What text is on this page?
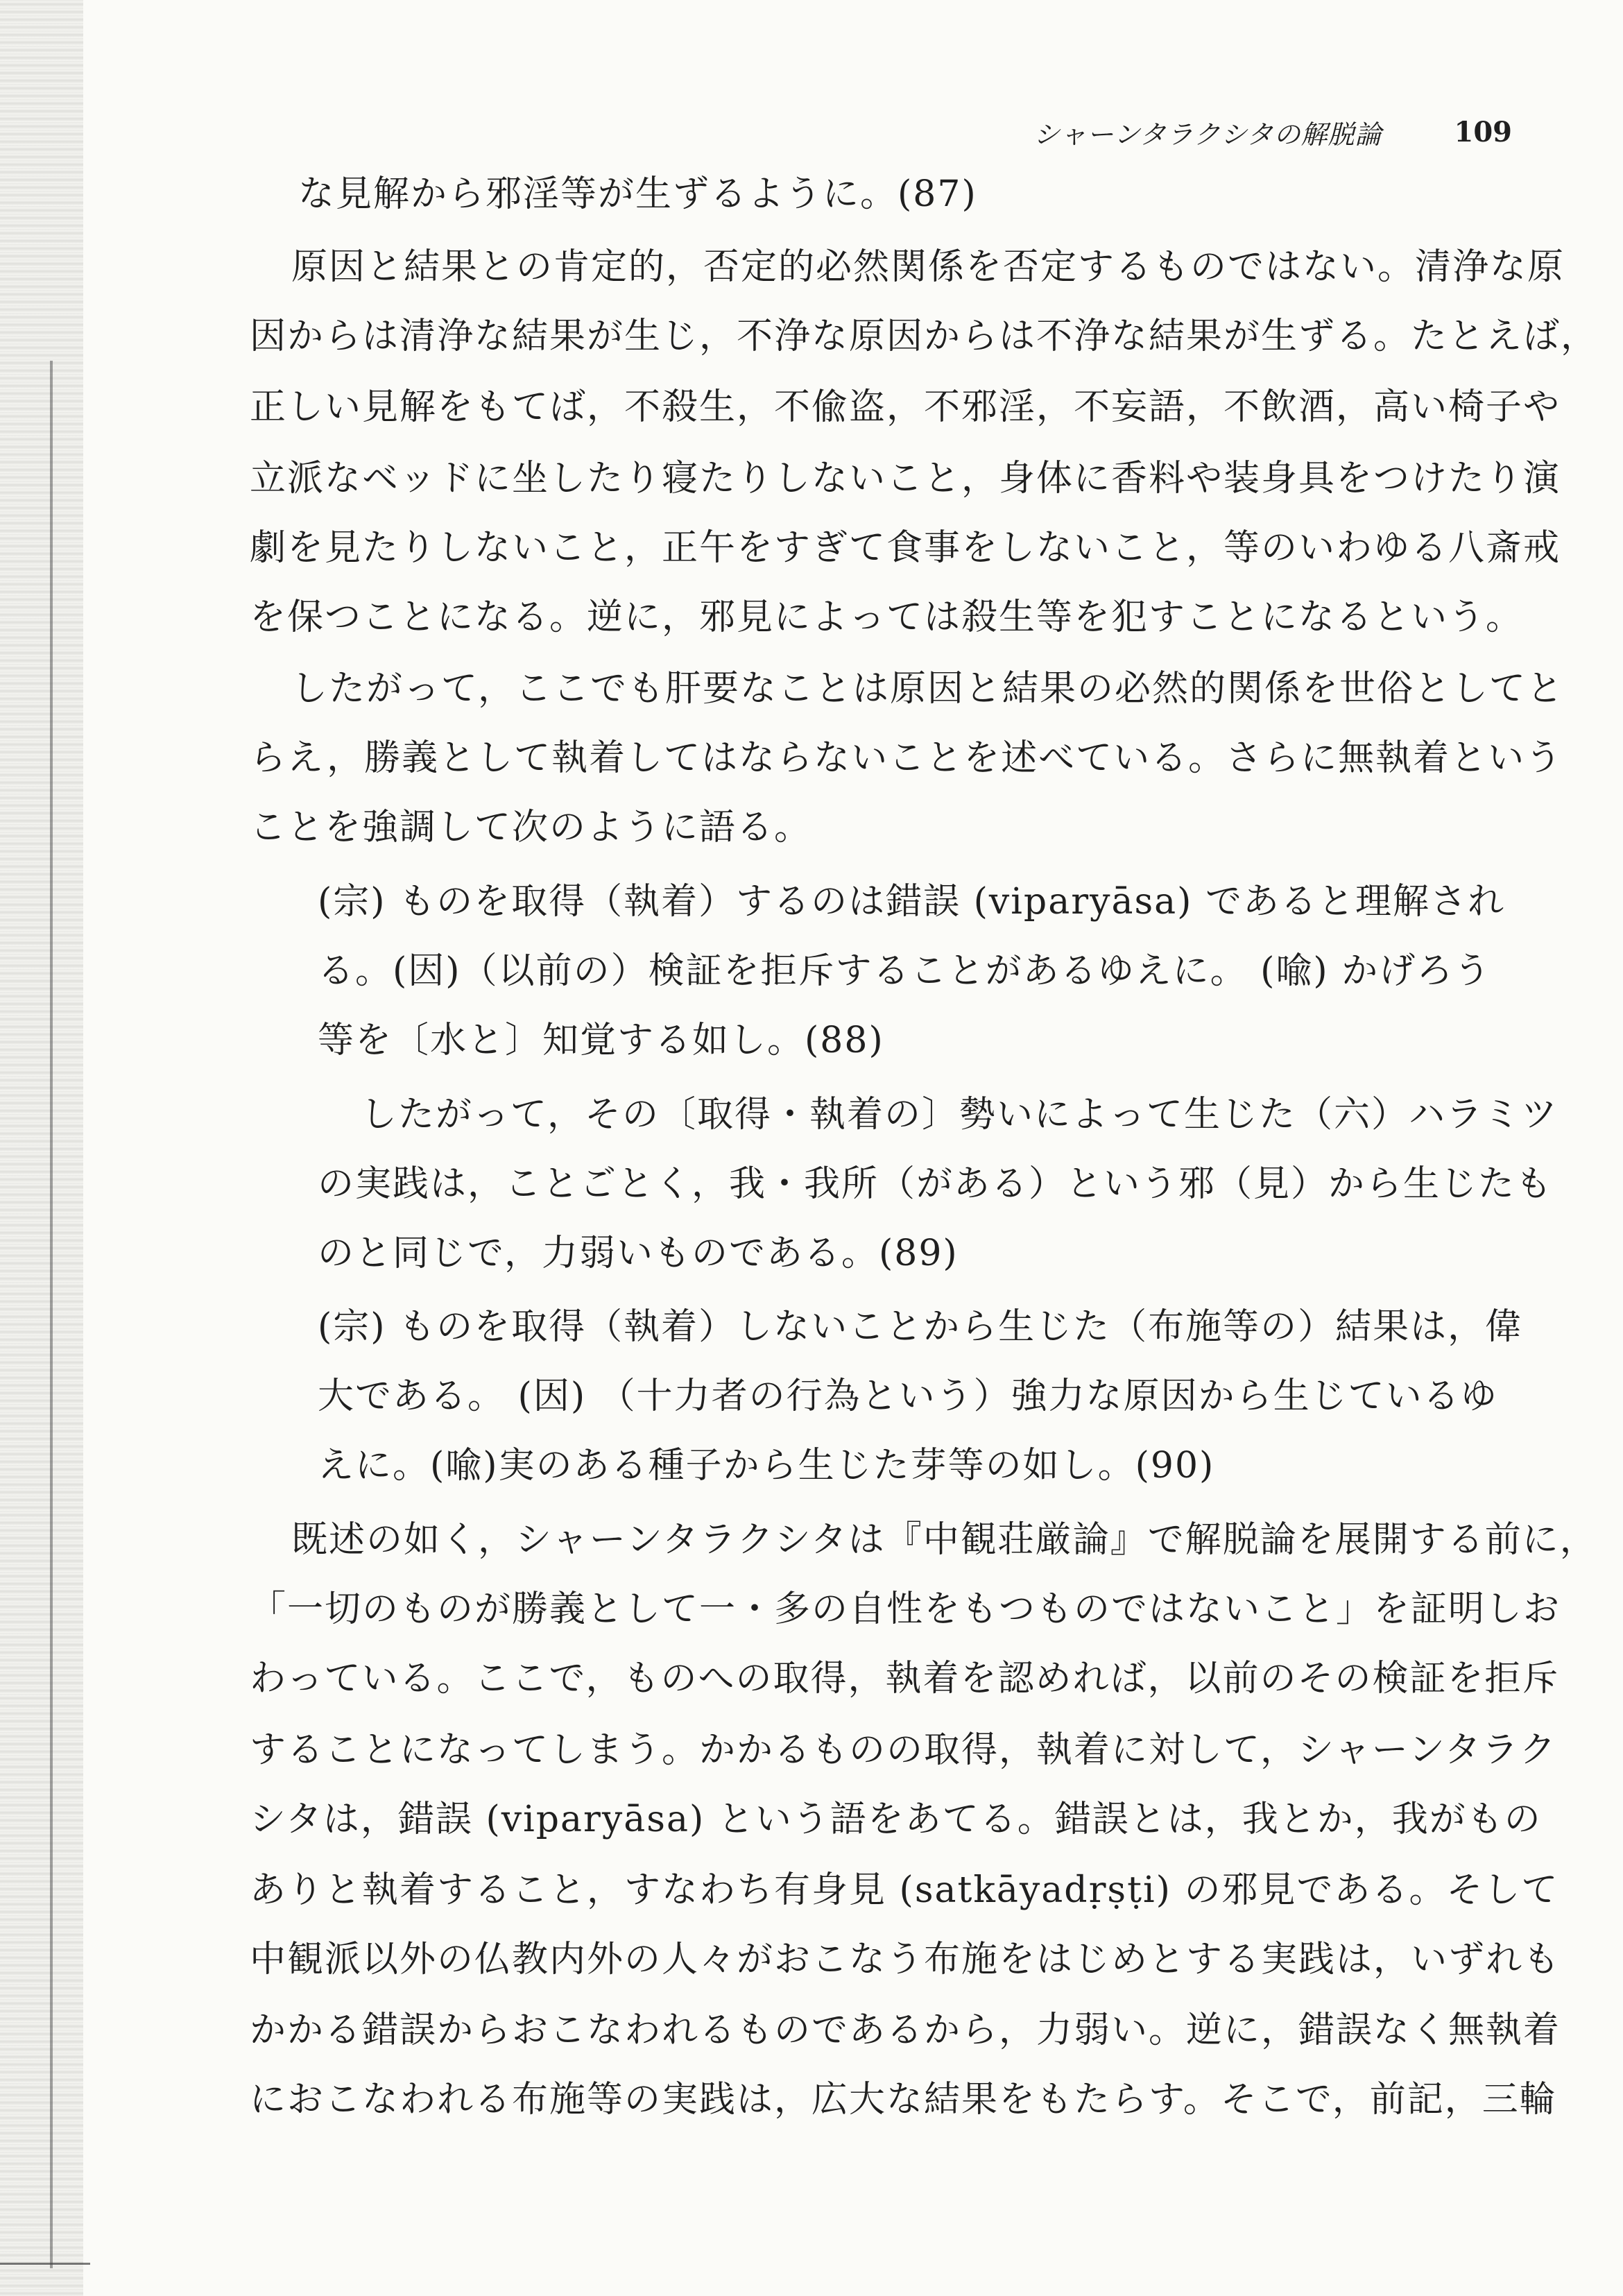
シャーンタラクシタの解脱論	109
な見解から邪淫等が生ずるように。(87)
原因と結果との肯定的，否定的必然関係を否定するものではない。清浄な原
因からは清浄な結果が生じ，不浄な原因からは不浄な結果が生ずる。たとえば，
正しい見解をもてば，不殺生，不偸盗，不邪淫，不妄語，不飲酒，高い椅子や
立派なベッドに坐したり寝たりしないこと，身体に香料や装身具をつけたり演
劇を見たりしないこと，正午をすぎて食事をしないこと，等のいわゆる八斎戒
を保つことになる。逆に，邪見によっては殺生等を犯すことになるという。
したがって，ここでも肝要なことは原因と結果の必然的関係を世俗としてと
らえ，勝義として執着してはならないことを述べている。さらに無執着という
ことを強調して次のように語る。
(宗) ものを取得（執着）するのは錯誤 (viparyāsa) であると理解され
る。(因)（以前の）検証を拒斥することがあるゆえに。 (喩) かげろう
等を〔水と〕知覚する如し。(88)
したがって，その〔取得・執着の〕勢いによって生じた（六）ハラミツ
の実践は，ことごとく，我・我所（がある）という邪（見）から生じたも
のと同じで，力弱いものである。(89)
(宗) ものを取得（執着）しないことから生じた（布施等の）結果は，偉
大である。 (因) （十力者の行為という）強力な原因から生じているゆ
えに。(喩)実のある種子から生じた芽等の如し。(90)
既述の如く，シャーンタラクシタは『中観荘厳論』で解脱論を展開する前に，
「一切のものが勝義として一・多の自性をもつものではないこと」を証明しお
わっている。ここで，ものへの取得，執着を認めれば，以前のその検証を拒斥
することになってしまう。かかるものの取得，執着に対して，シャーンタラク
シタは，錯誤 (viparyāsa) という語をあてる。錯誤とは，我とか，我がもの
ありと執着すること，すなわち有身見 (satkāyadṛṣṭi) の邪見である。そして
中観派以外の仏教内外の人々がおこなう布施をはじめとする実践は，いずれも
かかる錯誤からおこなわれるものであるから，力弱い。逆に，錯誤なく無執着
におこなわれる布施等の実践は，広大な結果をもたらす。そこで，前記，三輪
